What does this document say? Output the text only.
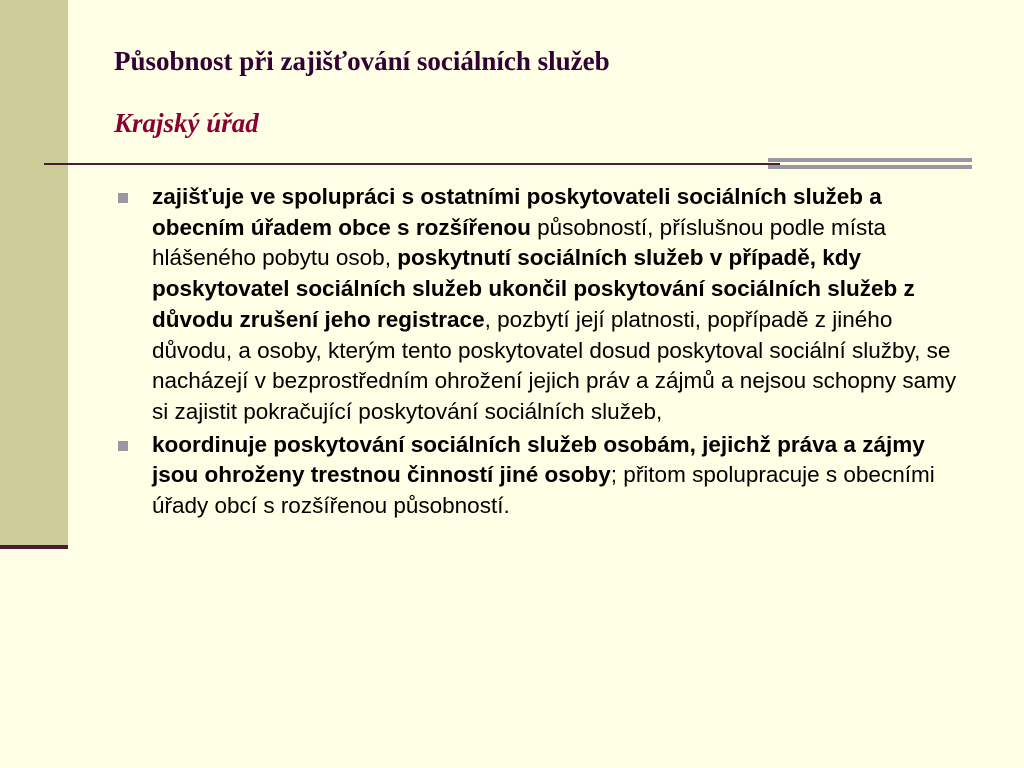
Působnost při zajišťování sociálních služeb
Krajský úřad
zajišťuje ve spolupráci s ostatními poskytovateli sociálních služeb a obecním úřadem obce s rozšířenou působností, příslušnou podle místa hlášeného pobytu osob, poskytnutí sociálních služeb v případě, kdy poskytovatel sociálních služeb ukončil poskytování sociálních služeb z důvodu zrušení jeho registrace, pozbytí její platnosti, popřípadě z jiného důvodu, a osoby, kterým tento poskytovatel dosud poskytoval sociální služby, se nacházejí v bezprostředním ohrožení jejich práv a zájmů a nejsou schopny samy si zajistit pokračující poskytování sociálních služeb,
koordinuje poskytování sociálních služeb osobám, jejichž práva a zájmy jsou ohroženy trestnou činností jiné osoby; přitom spolupracuje s obecními úřady obcí s rozšířenou působností.
